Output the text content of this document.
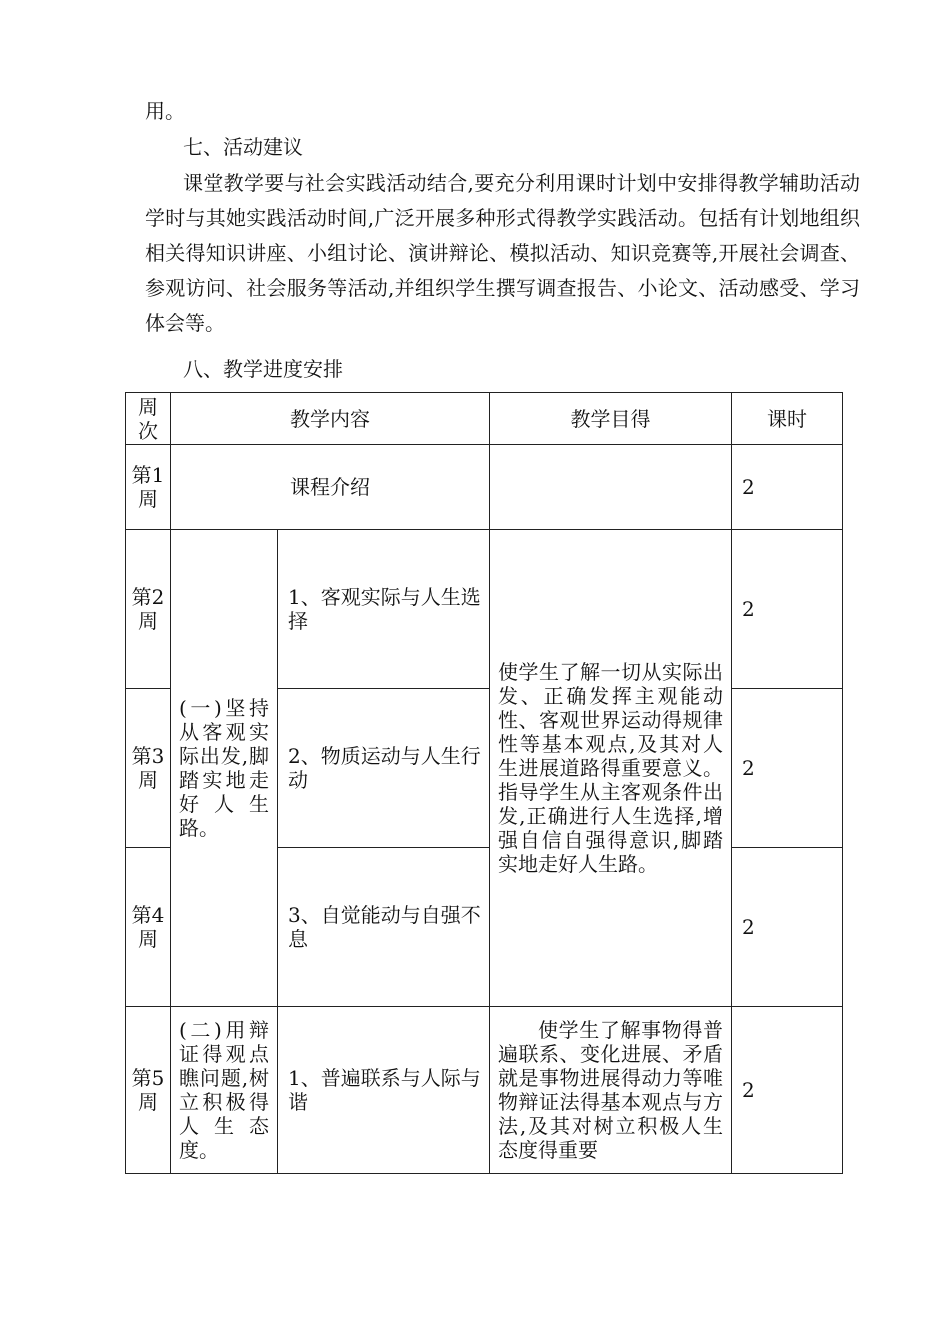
用。

七、活动建议

课堂教学要与社会实践活动结合,要充分利用课时计划中安排得教学辅助活动学时与其她实践活动时间,广泛开展多种形式得教学实践活动。包括有计划地组织相关得知识讲座、小组讨论、演讲辩论、模拟活动、知识竞赛等,开展社会调查、参观访问、社会服务等活动,并组织学生撰写调查报告、小论文、活动感受、学习体会等。

八、教学进度安排

周次	教学内容		教学目得	课时
第1周	课程介绍			2
第2周	(一)坚持从客观实际出发,脚踏实地走好人生路。	1、客观实际与人生选择	使学生了解一切从实际出发、正确发挥主观能动性、客观世界运动得规律性等基本观点,及其对人生进展道路得重要意义。指导学生从主客观条件出发,正确进行人生选择,增强自信自强得意识,脚踏实地走好人生路。	2
第3周		2、物质运动与人生行动		2
第4周		3、自觉能动与自强不息		2
第5周	(二)用辩证得观点瞧问题,树立积极得人生态度。	1、普遍联系与人际与谐	使学生了解事物得普遍联系、变化进展、矛盾就是事物进展得动力等唯物辩证法得基本观点与方法,及其对树立积极人生态度得重要	2
